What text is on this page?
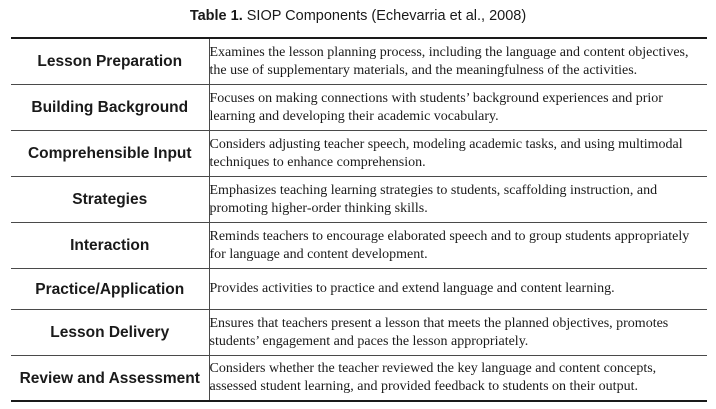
Table 1. SIOP Components (Echevarria et al., 2008)
Lesson Preparation	Examines the lesson planning process, including the language and content objectives, the use of supplementary materials, and the meaningfulness of the activities.
Building Background	Focuses on making connections with students’ background experiences and prior learning and developing their academic vocabulary.
Comprehensible Input	Considers adjusting teacher speech, modeling academic tasks, and using multimodal techniques to enhance comprehension.
Strategies	Emphasizes teaching learning strategies to students, scaffolding instruction, and promoting higher-order thinking skills.
Interaction	Reminds teachers to encourage elaborated speech and to group students appropriately for language and content development.
Practice/Application	Provides activities to practice and extend language and content learning.
Lesson Delivery	Ensures that teachers present a lesson that meets the planned objectives, promotes students’ engagement and paces the lesson appropriately.
Review and Assessment	Considers whether the teacher reviewed the key language and content concepts, assessed student learning, and provided feedback to students on their output.
